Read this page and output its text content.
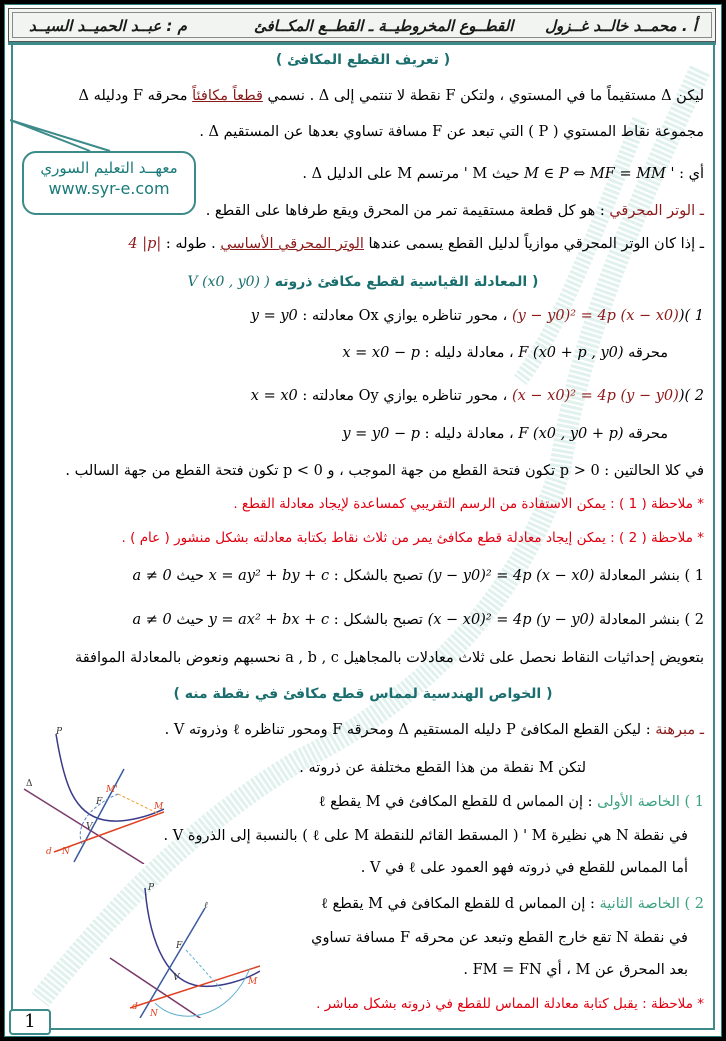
أ . محمــد خالــد غــزول
القطــوع المخروطيــة ـ القطــع المكــافئ
م : عبــد الحميــد السيــد
( تعريف القطع المكافئ )
ليكن Δ مستقيماً ما في المستوي ، ولتكن F نقطة لا تنتمي إلى Δ . نسمي قطعاً مكافئاً محرقه F ودليله Δ
مجموعة نقاط المستوي ( P ) التي تبعد عن F مسافة تساوي بعدها عن المستقيم Δ .
أي : M ∈ P ⇔ MF = MM ' حيث M ' مرتسم M على الدليل Δ .
ـ الوتر المحرقي : هو كل قطعة مستقيمة تمر من المحرق ويقع طرفاها على القطع .
ـ إذا كان الوتر المحرقي موازياً لدليل القطع يسمى عندها الوتر المحرقي الأساسي . طوله : 4 |p|
معهــد التعليم السوري
www.syr-e.com
( المعادلة القياسية لقطع مكافئ ذروته V (x0 , y0) )
1 )((y − y0)² = 4p (x − x0) ، محور تناظره يوازي Ox معادلته : y = y0
محرقه F (x0 + p , y0) ، معادلة دليله : x = x0 − p
2 )((x − x0)² = 4p (y − y0) ، محور تناظره يوازي Oy معادلته : x = x0
محرقه F (x0 , y0 + p) ، معادلة دليله : y = y0 − p
في كلا الحالتين : p > 0 تكون فتحة القطع من جهة الموجب ، و p < 0 تكون فتحة القطع من جهة السالب .
* ملاحظة ( 1 ) : يمكن الاستفادة من الرسم التقريبي كمساعدة لإيجاد معادلة القطع .
* ملاحظة ( 2 ) : يمكن إيجاد معادلة قطع مكافئ يمر من ثلاث نقاط بكتابة معادلته بشكل منشور ( عام ) .
1 ) بنشر المعادلة (y − y0)² = 4p (x − x0) تصبح بالشكل : x = ay² + by + c حيث a ≠ 0
2 ) بنشر المعادلة (x − x0)² = 4p (y − y0) تصبح بالشكل : y = ax² + bx + c حيث a ≠ 0
بتعويض إحداثيات النقاط نحصل على ثلاث معادلات بالمجاهيل a , b , c نحسبهم ونعوض بالمعادلة الموافقة
( الخواص الهندسية لمماس قطع مكافئ في نقطة منه )
ـ مبرهنة : ليكن القطع المكافئ P دليله المستقيم Δ ومحرقه F ومحور تناظره ℓ وذروته V .
لتكن M نقطة من هذا القطع مختلفة عن ذروته .
1 ) الخاصة الأولى : إن المماس d للقطع المكافئ في M يقطع ℓ
في نقطة N هي نظيرة M ' ( المسقط القائم للنقطة M على ℓ ) بالنسبة إلى الذروة V .
أما المماس للقطع في ذروته فهو العمود على ℓ في V .
2 ) الخاصة الثانية : إن المماس d للقطع المكافئ في M يقطع ℓ
في نقطة N تقع خارج القطع وتبعد عن محرقه F مسافة تساوي
بعد المحرق عن M ، أي FM = FN .
* ملاحظة : يقبل كتابة معادلة المماس للقطع في ذروته بشكل مباشر .
P
Δ
F
V
M'
M
N
d
P
ℓ
F
V	M
N
d
1
